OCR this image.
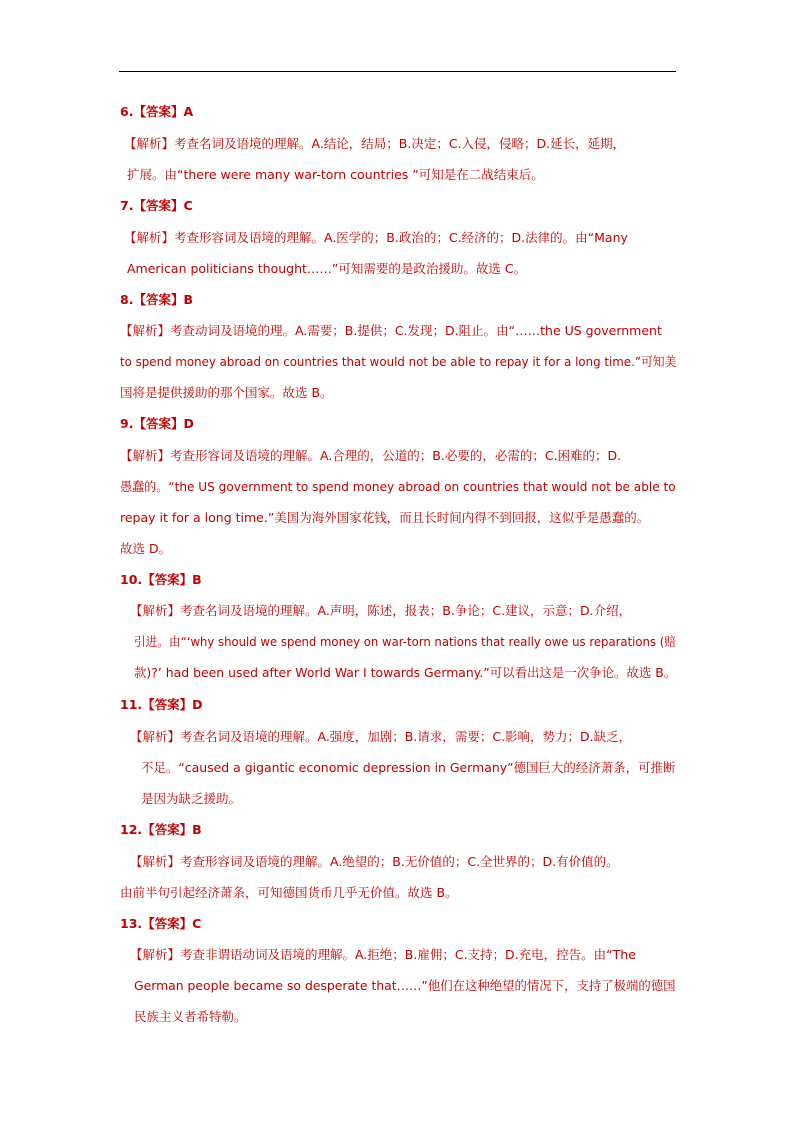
6.【答案】A
【解析】考查名词及语境的理解。A.结论，结局；B.决定；C.入侵，侵略；D.延长，延期，
扩展。由“there were many war-torn countries ”可知是在二战结束后。
7.【答案】C
【解析】考查形容词及语境的理解。A.医学的；B.政治的；C.经济的；D.法律的。由“Many
American politicians thought……”可知需要的是政治援助。故选 C。
8.【答案】B
【解析】考查动词及语境的理。A.需要；B.提供；C.发现；D.阻止。由“……the US government
to spend money abroad on countries that would not be able to repay it for a long time.”可知美
国将是提供援助的那个国家。故选 B。
9.【答案】D
【解析】考查形容词及语境的理解。A.合理的，公道的；B.必要的，必需的；C.困难的；D.
愚蠢的。“the US government to spend money abroad on countries that would not be able to
repay it for a long time.”美国为海外国家花钱，而且长时间内得不到回报，这似乎是愚蠢的。
故选 D。
10.【答案】B
【解析】考查名词及语境的理解。A.声明，陈述，报表；B.争论；C.建议，示意；D.介绍，
引进。由“‘why should we spend money on war-torn nations that really owe us reparations (赔
款)?’ had been used after World War I towards Germany.”可以看出这是一次争论。故选 B。
11.【答案】D
【解析】考查名词及语境的理解。A.强度，加剧；B.请求，需要；C.影响，势力；D.缺乏，
不足。“caused a gigantic economic depression in Germany”德国巨大的经济萧条，可推断
是因为缺乏援助。
12.【答案】B
【解析】考查形容词及语境的理解。A.绝望的；B.无价值的；C.全世界的；D.有价值的。
由前半句引起经济萧条，可知德国货币几乎无价值。故选 B。
13.【答案】C
【解析】考查非谓语动词及语境的理解。A.拒绝；B.雇佣；C.支持；D.充电，控告。由“The
German people became so desperate that……”他们在这种绝望的情况下，支持了极端的德国
民族主义者希特勒。
